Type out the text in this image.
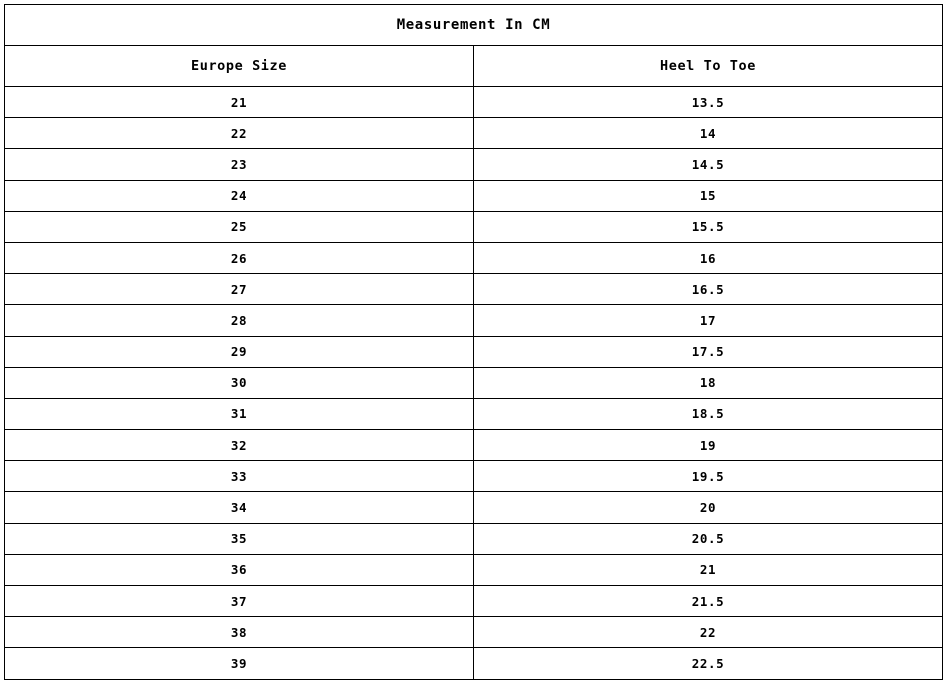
Measurement In CM	
Europe Size	Heel To Toe
21	13.5
22	14
23	14.5
24	15
25	15.5
26	16
27	16.5
28	17
29	17.5
30	18
31	18.5
32	19
33	19.5
34	20
35	20.5
36	21
37	21.5
38	22
39	22.5
